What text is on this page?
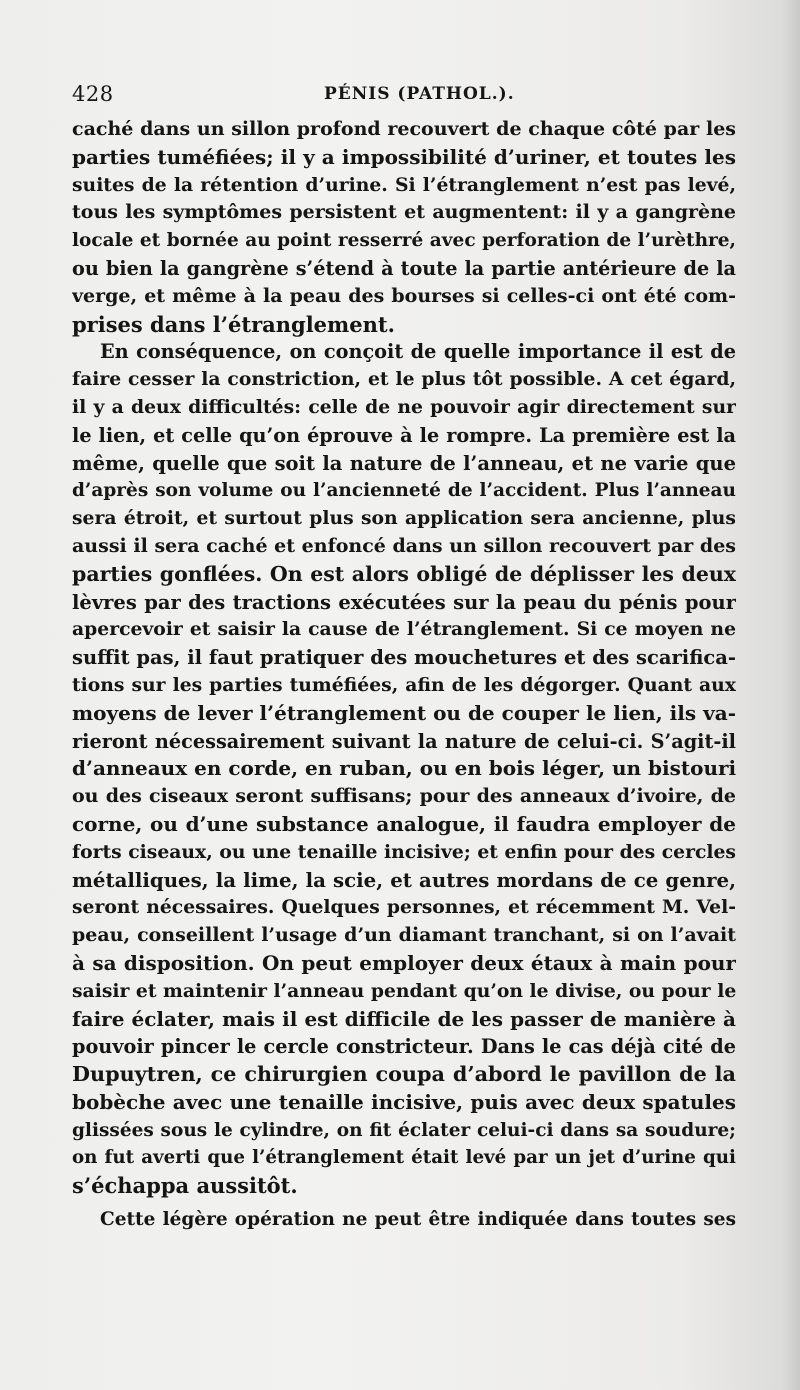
428	PÉNIS (PATHOL.).
caché dans un sillon profond recouvert de chaque côté par les
parties tuméfiées; il y a impossibilité d’uriner, et toutes les
suites de la rétention d’urine. Si l’étranglement n’est pas levé,
tous les symptômes persistent et augmentent: il y a gangrène
locale et bornée au point resserré avec perforation de l’urèthre,
ou bien la gangrène s’étend à toute la partie antérieure de la
verge, et même à la peau des bourses si celles-ci ont été com-
prises dans l’étranglement.
En conséquence, on conçoit de quelle importance il est de
faire cesser la constriction, et le plus tôt possible. A cet égard,
il y a deux difficultés: celle de ne pouvoir agir directement sur
le lien, et celle qu’on éprouve à le rompre. La première est la
même, quelle que soit la nature de l’anneau, et ne varie que
d’après son volume ou l’ancienneté de l’accident. Plus l’anneau
sera étroit, et surtout plus son application sera ancienne, plus
aussi il sera caché et enfoncé dans un sillon recouvert par des
parties gonflées. On est alors obligé de déplisser les deux
lèvres par des tractions exécutées sur la peau du pénis pour
apercevoir et saisir la cause de l’étranglement. Si ce moyen ne
suffit pas, il faut pratiquer des mouchetures et des scarifica-
tions sur les parties tuméfiées, afin de les dégorger. Quant aux
moyens de lever l’étranglement ou de couper le lien, ils va-
rieront nécessairement suivant la nature de celui-ci. S’agit-il
d’anneaux en corde, en ruban, ou en bois léger, un bistouri
ou des ciseaux seront suffisans; pour des anneaux d’ivoire, de
corne, ou d’une substance analogue, il faudra employer de
forts ciseaux, ou une tenaille incisive; et enfin pour des cercles
métalliques, la lime, la scie, et autres mordans de ce genre,
seront nécessaires. Quelques personnes, et récemment M. Vel-
peau, conseillent l’usage d’un diamant tranchant, si on l’avait
à sa disposition. On peut employer deux étaux à main pour
saisir et maintenir l’anneau pendant qu’on le divise, ou pour le
faire éclater, mais il est difficile de les passer de manière à
pouvoir pincer le cercle constricteur. Dans le cas déjà cité de
Dupuytren, ce chirurgien coupa d’abord le pavillon de la
bobèche avec une tenaille incisive, puis avec deux spatules
glissées sous le cylindre, on fit éclater celui-ci dans sa soudure;
on fut averti que l’étranglement était levé par un jet d’urine qui
s’échappa aussitôt.
Cette légère opération ne peut être indiquée dans toutes ses
